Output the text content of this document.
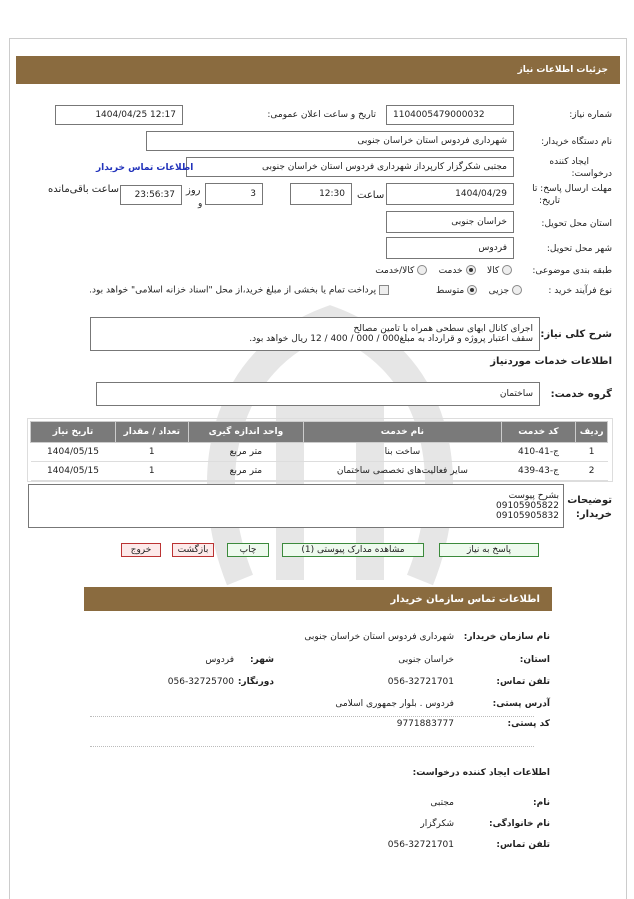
جزئیات اطلاعات نیاز
شماره نیاز:
1104005479000032
تاریخ و ساعت اعلان عمومی:
1404/04/25 12:17
نام دستگاه خریدار:
شهرداری فردوس استان خراسان جنوبی
ایجاد کننده
درخواست:
مجتبی شکرگزار کارپرداز شهرداری فردوس استان خراسان جنوبی
اطلاعات تماس خریدار
مهلت ارسال پاسخ: تا
تاریخ:
1404/04/29
ساعت
12:30
3
روز
و
23:56:37
ساعت باقی‌مانده
استان محل تحویل:
خراسان جنوبی
شهر محل تحویل:
فردوس
طبقه بندی موضوعی:
کالا     خدمت     کالا/خدمت
نوع فرآیند خرید :
جزیی     متوسط
پرداخت تمام یا بخشی از مبلغ خرید،از محل "اسناد خزانه اسلامی" خواهد بود.
شرح کلی نیاز:
اجرای کانال ابهای سطحی همراه با تامین مصالح
سقف اعتبار پروژه و قرارداد به مبلغ000 / 000 / 400 / 12 ریال خواهد بود.
اطلاعات خدمات موردنیاز
گروه خدمت:
ساختمان
ردیف	کد خدمت	نام خدمت	واحد اندازه گیری	تعداد / مقدار	تاریخ نیاز
1	ج-41-410	ساخت بنا	متر مربع	1	1404/05/15
2	ج-43-439	سایر فعالیت‌های تخصصی ساختمان	متر مربع	1	1404/05/15
توضیحات
خریدار:
بشرح پیوست
09105905822
09105905832
پاسخ به نیاز
مشاهده مدارک پیوستی (1)
چاپ
بازگشت
خروج
اطلاعات تماس سازمان خریدار
نام سازمان خریدار:
شهرداری فردوس استان خراسان جنوبی
استان:
خراسان جنوبی
شهر:
فردوس
تلفن تماس:
056-32721701
دورنگار:
056-32725700
آدرس پستی:
فردوس . بلوار جمهوری اسلامی
کد پستی:
9771883777
اطلاعات ایجاد کننده درخواست:
نام:
مجتبی
نام خانوادگی:
شکرگزار
تلفن تماس:
056-32721701
